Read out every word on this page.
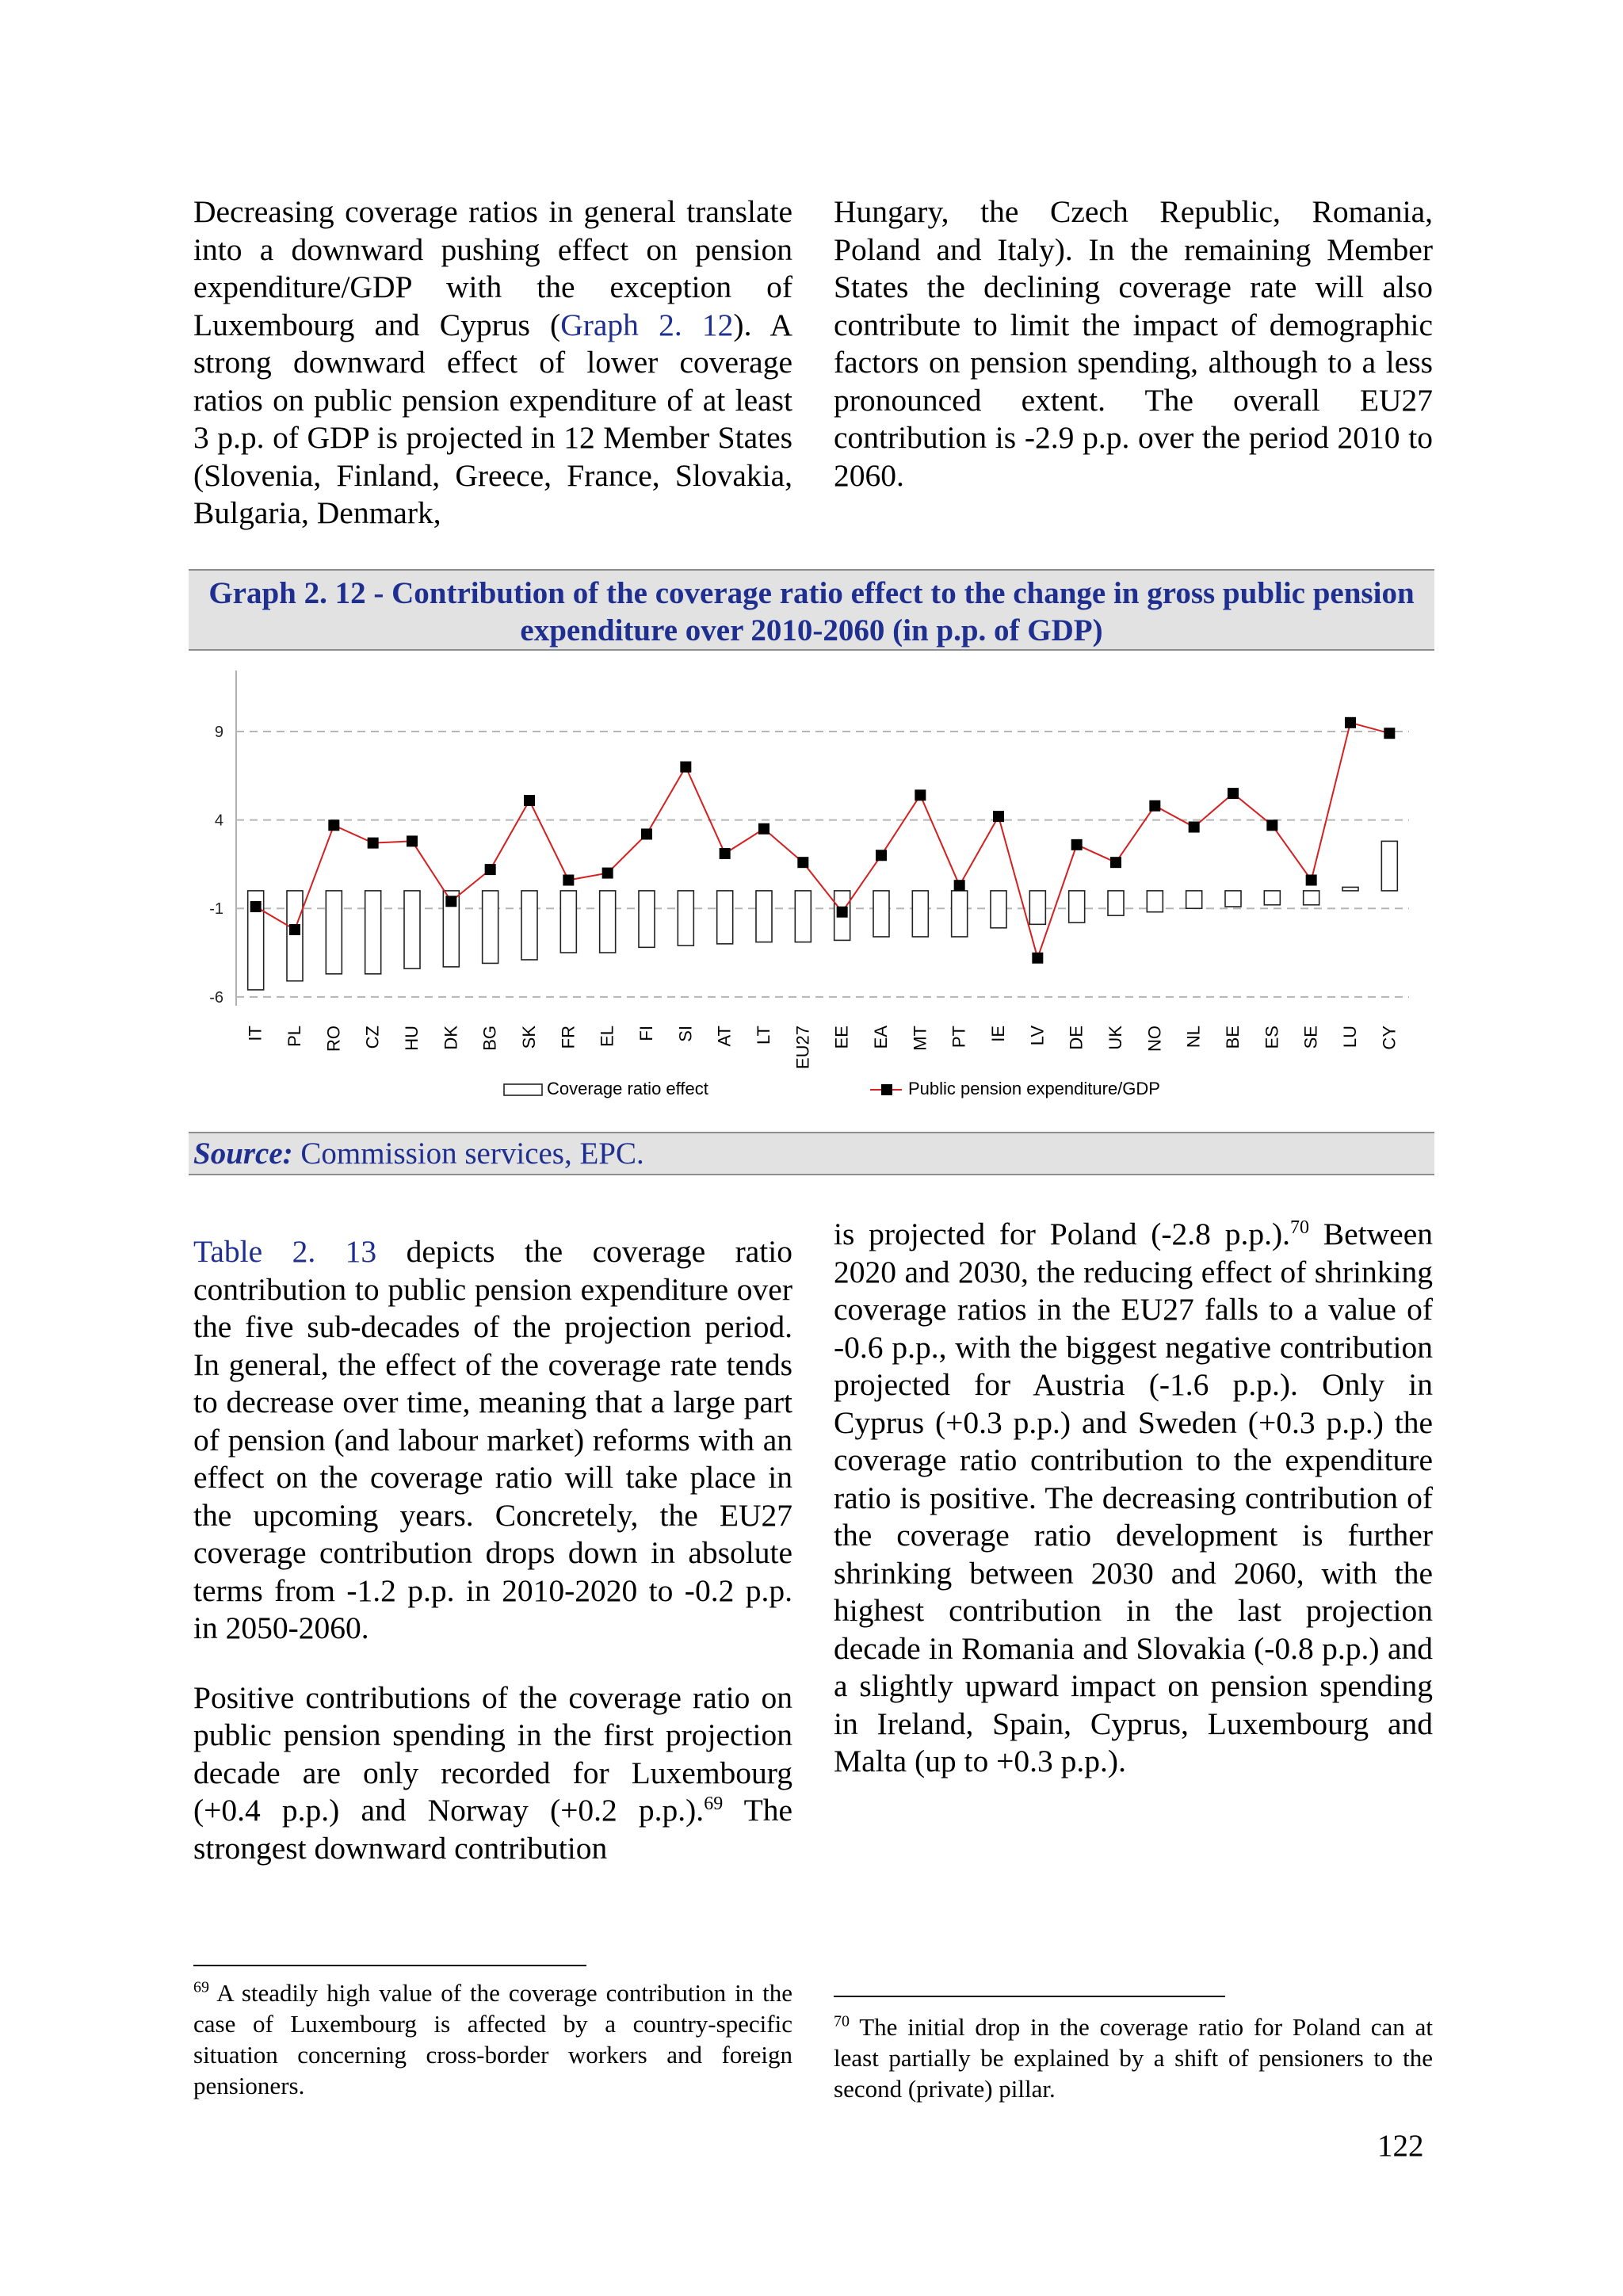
Decreasing coverage ratios in general translate into a downward pushing effect on pension expenditure/GDP with the exception of Luxembourg and Cyprus (Graph 2. 12). A strong downward effect of lower coverage ratios on public pension expenditure of at least 3 p.p. of GDP is projected in 12 Member States (Slovenia, Finland, Greece, France, Slovakia, Bulgaria, Denmark,

Hungary, the Czech Republic, Romania, Poland and Italy). In the remaining Member States the declining coverage rate will also contribute to limit the impact of demographic factors on pension spending, although to a less pronounced extent. The overall EU27 contribution is -2.9 p.p. over the period 2010 to 2060.

Graph 2. 12 - Contribution of the coverage ratio effect to the change in gross public pension expenditure over 2010-2060 (in p.p. of GDP)
9
4
-1
-6
IT PL RO CZ HU DK BG SK FR EL FI SI AT LT EU27 EE EA MT PT IE LV DE UK NO NL BE ES SE LU CY
Coverage ratio effect	Public pension expenditure/GDP
Source: Commission services, EPC.

Table 2. 13 depicts the coverage ratio contribution to public pension expenditure over the five sub-decades of the projection period. In general, the effect of the coverage rate tends to decrease over time, meaning that a large part of pension (and labour market) reforms with an effect on the coverage ratio will take place in the upcoming years. Concretely, the EU27 coverage contribution drops down in absolute terms from -1.2 p.p. in 2010-2020 to -0.2 p.p. in 2050-2060.

Positive contributions of the coverage ratio on public pension spending in the first projection decade are only recorded for Luxembourg (+0.4 p.p.) and Norway (+0.2 p.p.).$^{69}$ The strongest downward contribution

is projected for Poland (-2.8 p.p.).$^{70}$ Between 2020 and 2030, the reducing effect of shrinking coverage ratios in the EU27 falls to a value of -0.6 p.p., with the biggest negative contribution projected for Austria (-1.6 p.p.). Only in Cyprus (+0.3 p.p.) and Sweden (+0.3 p.p.) the coverage ratio contribution to the expenditure ratio is positive. The decreasing contribution of the coverage ratio development is further shrinking between 2030 and 2060, with the highest contribution in the last projection decade in Romania and Slovakia (-0.8 p.p.) and a slightly upward impact on pension spending in Ireland, Spain, Cyprus, Luxembourg and Malta (up to +0.3 p.p.).

$^{69}$ A steadily high value of the coverage contribution in the case of Luxembourg is affected by a country-specific situation concerning cross-border workers and foreign pensioners.
$^{70}$ The initial drop in the coverage ratio for Poland can at least partially be explained by a shift of pensioners to the second (private) pillar.
122
